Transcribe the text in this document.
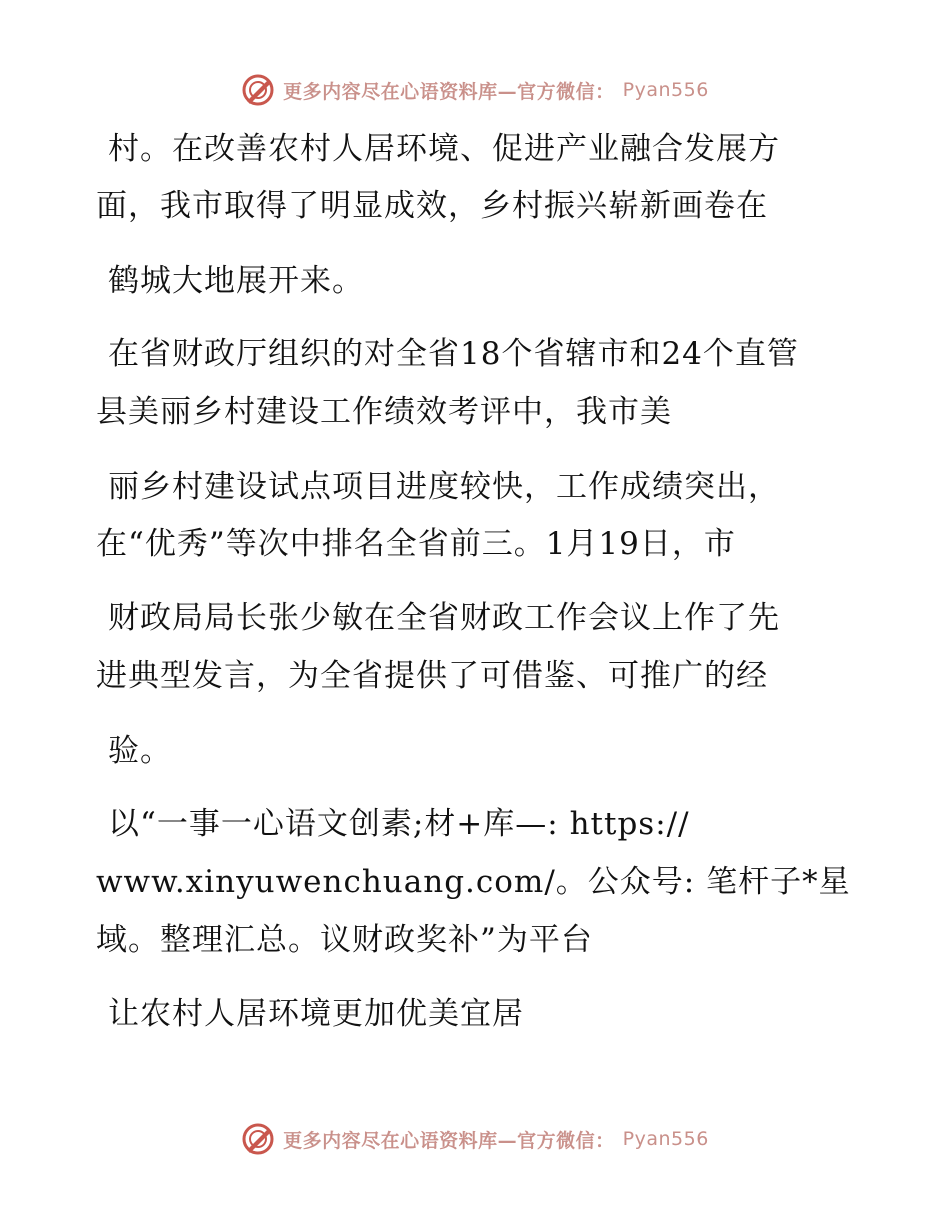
更多内容尽在心语资料库—官方微信： Pyan556
村。在改善农村人居环境、促进产业融合发展方
面，我市取得了明显成效，乡村振兴崭新画卷在
鹤城大地展开来。
在省财政厅组织的对全省18个省辖市和24个直管
县美丽乡村建设工作绩效考评中，我市美
丽乡村建设试点项目进度较快，工作成绩突出，
在“优秀”等次中排名全省前三。1月19日，市
财政局局长张少敏在全省财政工作会议上作了先
进典型发言，为全省提供了可借鉴、可推广的经
验。
以“一事一心语文创素;材+库—: https://
www.xinyuwenchuang.com/。公众号: 笔杆子*星
域。整理汇总。议财政奖补”为平台
让农村人居环境更加优美宜居
更多内容尽在心语资料库—官方微信： Pyan556
